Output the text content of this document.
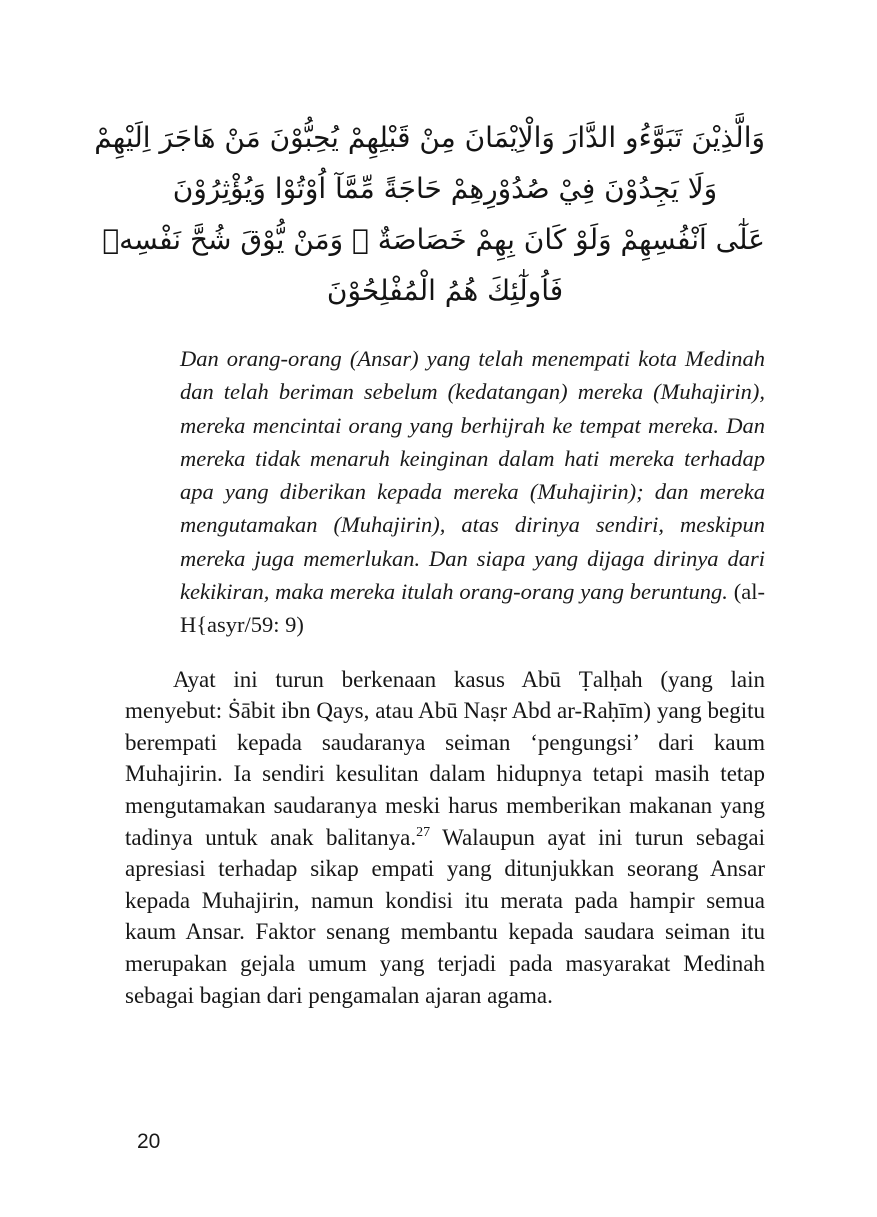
وَالَّذِيْنَ تَبَوَّءُو الدَّارَ وَالْاِيْمَانَ مِنْ قَبْلِهِمْ يُحِبُّوْنَ مَنْ هَاجَرَ اِلَيْهِمْ
وَلَا يَجِدُوْنَ فِيْ صُدُوْرِهِمْ حَاجَةً مِّمَّآ اُوْتُوْا وَيُؤْثِرُوْنَ
عَلٰٓى اَنْفُسِهِمْ وَلَوْ كَانَ بِهِمْ خَصَاصَةٌ ۗ وَمَنْ يُّوْقَ شُحَّ نَفْسِهٖ
فَاُولٰٓئِكَ هُمُ الْمُفْلِحُوْنَ

Dan orang-orang (Ansar) yang telah menempati kota Medinah dan telah beriman sebelum (kedatangan) mereka (Muhajirin), mereka mencintai orang yang berhijrah ke tempat mereka. Dan mereka tidak menaruh keinginan dalam hati mereka terhadap apa yang diberikan kepada mereka (Muhajirin); dan mereka mengutamakan (Muhajirin), atas dirinya sendiri, meskipun mereka juga memerlukan. Dan siapa yang dijaga dirinya dari kekikiran, maka mereka itulah orang-orang yang beruntung. (al-H{asyr/59: 9)

Ayat ini turun berkenaan kasus Abū Ṭalḥah (yang lain menyebut: Ṡābit ibn Qays, atau Abū Naṣr Abd ar-Raḥīm) yang begitu berempati kepada saudaranya seiman ‘pengungsi’ dari kaum Muhajirin. Ia sendiri kesulitan dalam hidupnya tetapi masih tetap mengutamakan saudaranya meski harus memberikan makanan yang tadinya untuk anak balitanya.$^{27}$ Walaupun ayat ini turun sebagai apresiasi terhadap sikap empati yang ditunjukkan seorang Ansar kepada Muhajirin, namun kondisi itu merata pada hampir semua kaum Ansar. Faktor senang membantu kepada saudara seiman itu merupakan gejala umum yang terjadi pada masyarakat Medinah sebagai bagian dari pengamalan ajaran agama.

20
